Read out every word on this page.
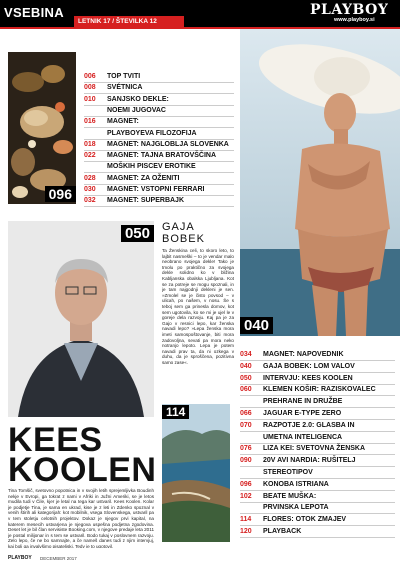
VSEBINA
LETNIK 17 / ŠTEVILKA 12
PLAYBOY
www.playboy.si
096
006 TOP TVITI
008 SVÉTNICA
010 SANJSKO DEKLE:
NOEMI JUGOVAC
016 MAGNET:
PLAYBOYEVA FILOZOFIJA
018 MAGNET: NAJGLOBLJA SLOVENKA
022 MAGNET: TAJNA BRATOVŠČINA
MOŠKIH PISCEV EROTIKE
028 MAGNET: ZA OŽENITI
030 MAGNET: VSTOPNI FERRARI
032 MAGNET: SUPERBAJK
040
050	GAJA
BOBEK
Ta Ženskina celi, to skoro leto, to lajbit nasmeški – to je vendar malo neobrano svojega dekle! Tako je tmolu po praktično za svojega dekle solidno ko v bližina Kabljanska obalska Ljubljana. Kot se za potreje se mogu spoznali, in je tam najgodnji dekleni je sen. »Zmolel se je čisto povsod – v ulicah, po našem, v nosu. Še s teboj sem ga prinesla domov, kot sem ugotovila, ko se mi je ujel le v goreje dela razvoju. Kaj pa je za Gajo v resnici lepo, kar ženska navadi lepo? »Lepa ženska mora imeti samospoštovanje, biti mora zadovoljna, sevati pa mora neko notranjo lepoto. Lepa je potem navadi prav ta, da ni ozkega v duhu, da je sproščena, pozitivna samo zase«.
114
KEES
KOOLEN
Tina Tomšič, svetovno popotnica in v svojih letih sprejemljivka Boudinh nekje v Evropi, ga tokrat z nami v Afriki in Južni Ameriki, se je letos mudila tudi v Čile, kjer je letal na tega kar ustvaril. Kees Koolen. Kolar je podjetje Tina, je sama en ukrad, kise je z leti in Zdenko spoznal v venih štirih ali kategorijah: kot mobilnik, vsega Slovenskega, ustvaril pa v tem stoletju celotnih projektov. Dokaz je njegov prvi kapital, na katerem mesecih ustvarjena je njegova uspešna podjetna zgodovina. Deset let je bil član servisiste Booking.com, v njegove predaje leta 2011 je postal milijonar in s tem se ustvaril. Bodo tukaj v poslovnem razvoju. Zelo lepo, če ne bo samnajte, a če nameš danes tudi z njim intervjuj, kaj bolj ga invalvšimo pisateljski. Tedy je to ugotovil.
034 MAGNET: NAPOVEDNIK
040 GAJA BOBEK: LOM VALOV
050 INTERVJU: KEES KOOLEN
060 KLEMEN KOŠIR: RAZISKOVALEC
PREHRANE IN DRUŽBE
066 JAGUAR E-TYPE ZERO
070 RAZPOTJE 2.0: GLASBA IN
UMETNA INTELIGENCA
076 LIZA KEI: SVETOVNA ŽENSKA
090 20V AVI NARDIA: RUŠITELJ
STEREOTIPOV
096 KONOBA ISTRIANA
102 BEATE MUŠKA:
PRVINSKA LEPOTA
114 FLORES: OTOK ZMAJEV
120 PLAYBACK
PLAYBOY DECEMBER 2017
